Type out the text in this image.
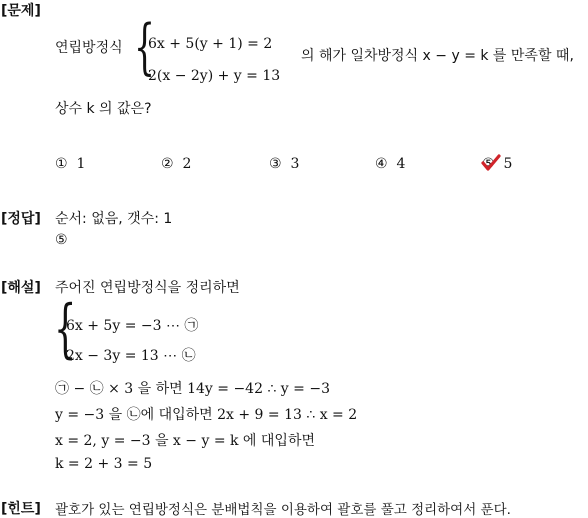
[문제]
연립방정식 {
6x + 5(y + 1) = 2
2(x − 2y) + y = 13
의 해가 일차방정식 x − y = k 를 만족할 때,
상수 k 의 값은?
① 1	② 2	③ 3	④ 4	⑤ 5
[정답] 순서: 없음, 갯수: 1
⑤
[해설] 주어진 연립방정식을 정리하면
{
6x + 5y = −3 ⋯ ㉠
2x − 3y = 13 ⋯ ㉡
㉠ − ㉡ × 3 을 하면 14y = −42 ∴ y = −3
y = −3 을 ㉡에 대입하면 2x + 9 = 13 ∴ x = 2
x = 2, y = −3 을 x − y = k 에 대입하면
k = 2 + 3 = 5
[힌트] 괄호가 있는 연립방정식은 분배법칙을 이용하여 괄호를 풀고 정리하여서 푼다.
